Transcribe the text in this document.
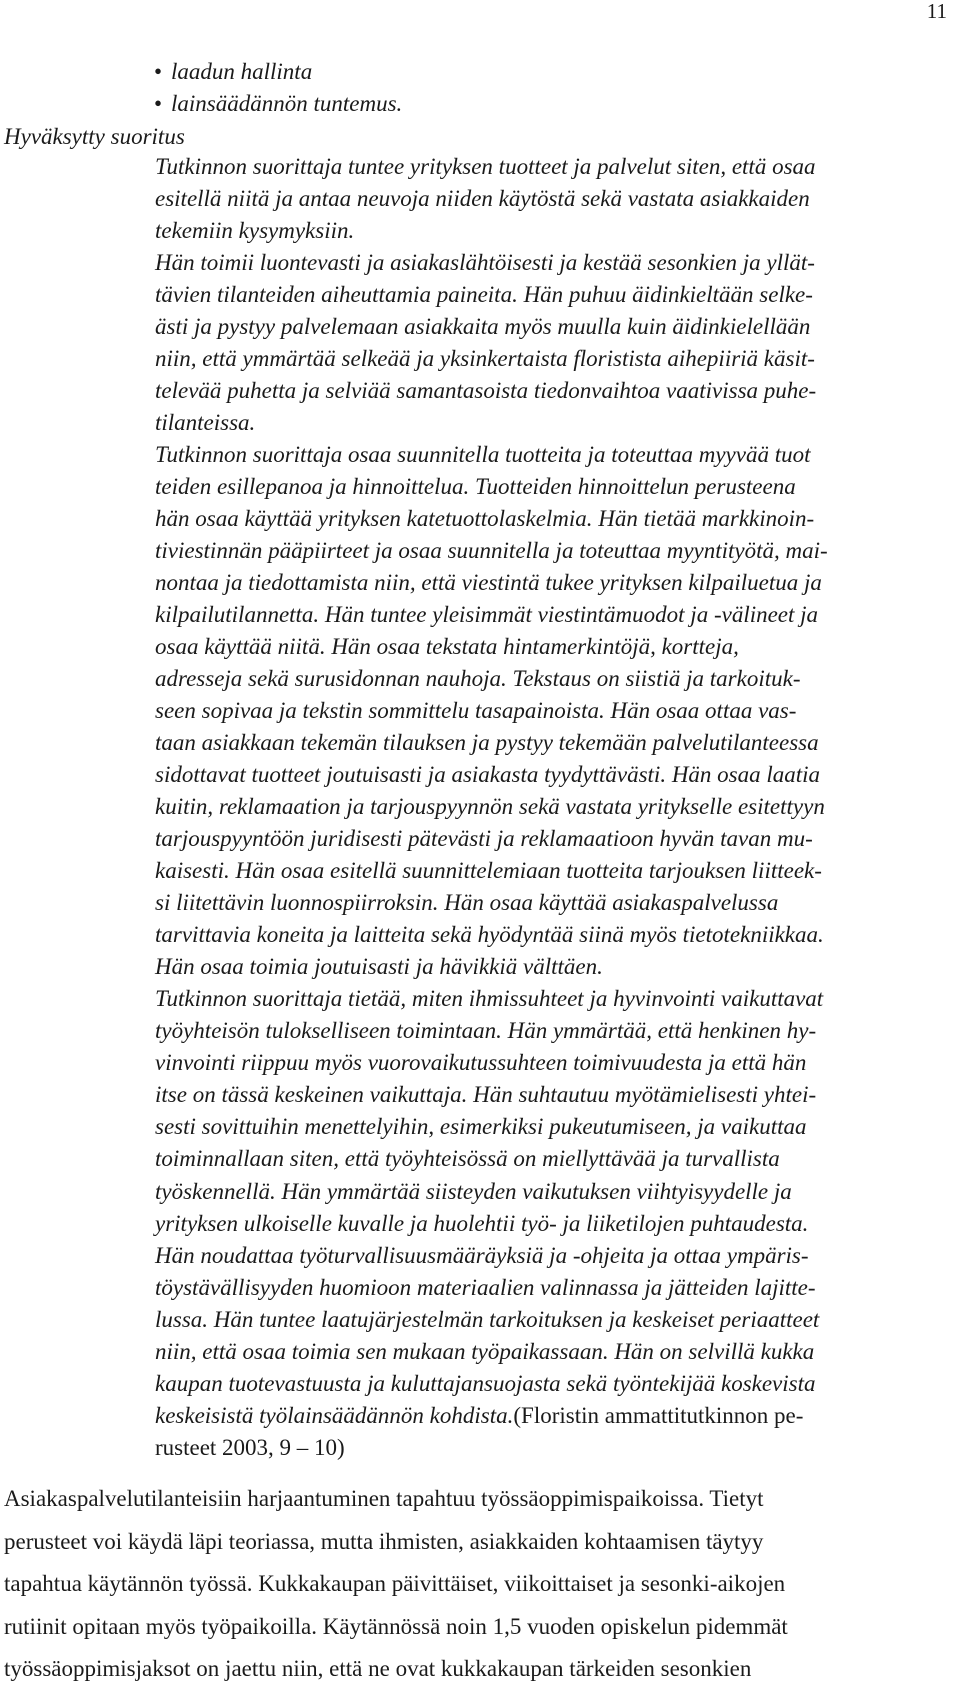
11
• laadun hallinta
• lainsäädännön tuntemus.
Hyväksytty suoritus
Tutkinnon suorittaja tuntee yrityksen tuotteet ja palvelut siten, että osaa
esitellä niitä ja antaa neuvoja niiden käytöstä sekä vastata asiakkaiden
tekemiin kysymyksiin.
Hän toimii luontevasti ja asiakaslähtöisesti ja kestää sesonkien ja yllät-
tävien tilanteiden aiheuttamia paineita. Hän puhuu äidinkieltään selke-
ästi ja pystyy palvelemaan asiakkaita myös muulla kuin äidinkielellään
niin, että ymmärtää selkeää ja yksinkertaista floristista aihepiiriä käsit-
televää puhetta ja selviää samantasoista tiedonvaihtoa vaativissa puhe-
tilanteissa.
Tutkinnon suorittaja osaa suunnitella tuotteita ja toteuttaa myyvää tuot
teiden esillepanoa ja hinnoittelua. Tuotteiden hinnoittelun perusteena
hän osaa käyttää yrityksen katetuottolaskelmia. Hän tietää markkinoin-
tiviestinnän pääpiirteet ja osaa suunnitella ja toteuttaa myyntityötä, mai-
nontaa ja tiedottamista niin, että viestintä tukee yrityksen kilpailuetua ja
kilpailutilannetta. Hän tuntee yleisimmät viestintämuodot ja -välineet ja
osaa käyttää niitä. Hän osaa tekstata hintamerkintöjä, kortteja,
adresseja sekä surusidonnan nauhoja. Tekstaus on siistiä ja tarkoituk-
seen sopivaa ja tekstin sommittelu tasapainoista. Hän osaa ottaa vas-
taan asiakkaan tekemän tilauksen ja pystyy tekemään palvelutilanteessa
sidottavat tuotteet joutuisasti ja asiakasta tyydyttävästi. Hän osaa laatia
kuitin, reklamaation ja tarjouspyynnön sekä vastata yritykselle esitettyyn
tarjouspyyntöön juridisesti pätevästi ja reklamaatioon hyvän tavan mu-
kaisesti. Hän osaa esitellä suunnittelemiaan tuotteita tarjouksen liitteek-
si liitettävin luonnospiirroksin. Hän osaa käyttää asiakaspalvelussa
tarvittavia koneita ja laitteita sekä hyödyntää siinä myös tietotekniikkaa.
Hän osaa toimia joutuisasti ja hävikkiä välttäen.
Tutkinnon suorittaja tietää, miten ihmissuhteet ja hyvinvointi vaikuttavat
työyhteisön tulokselliseen toimintaan. Hän ymmärtää, että henkinen hy-
vinvointi riippuu myös vuorovaikutussuhteen toimivuudesta ja että hän
itse on tässä keskeinen vaikuttaja. Hän suhtautuu myötämielisesti yhtei-
sesti sovittuihin menettelyihin, esimerkiksi pukeutumiseen, ja vaikuttaa
toiminnallaan siten, että työyhteisössä on miellyttävää ja turvallista
työskennellä. Hän ymmärtää siisteyden vaikutuksen viihtyisyydelle ja
yrityksen ulkoiselle kuvalle ja huolehtii työ- ja liiketilojen puhtaudesta.
Hän noudattaa työturvallisuusmääräyksiä ja -ohjeita ja ottaa ympäris-
töystävällisyyden huomioon materiaalien valinnassa ja jätteiden lajitte-
lussa. Hän tuntee laatujärjestelmän tarkoituksen ja keskeiset periaatteet
niin, että osaa toimia sen mukaan työpaikassaan. Hän on selvillä kukka
kaupan tuotevastuusta ja kuluttajansuojasta sekä työntekijää koskevista
keskeisistä työlainsäädännön kohdista.(Floristin ammattitutkinnon pe-
rusteet 2003, 9 – 10)
Asiakaspalvelutilanteisiin harjaantuminen tapahtuu työssäoppimispaikoissa. Tietyt
perusteet voi käydä läpi teoriassa, mutta ihmisten, asiakkaiden kohtaamisen täytyy
tapahtua käytännön työssä. Kukkakaupan päivittäiset, viikoittaiset ja sesonki-aikojen
rutiinit opitaan myös työpaikoilla. Käytännössä noin 1,5 vuoden opiskelun pidemmät
työssäoppimisjaksot on jaettu niin, että ne ovat kukkakaupan tärkeiden sesonkien
